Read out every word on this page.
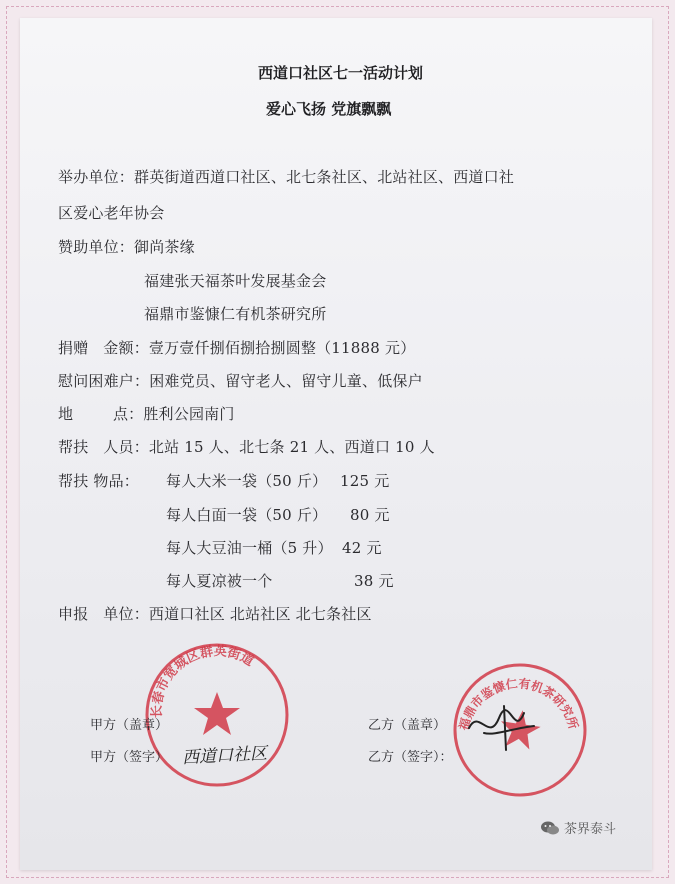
西道口社区七一活动计划
爱心飞扬 党旗飘飘
举办单位：群英街道西道口社区、北七条社区、北站社区、西道口社
区爱心老年协会
赞助单位：御尚茶缘
福建张天福茶叶发展基金会
福鼎市鉴慷仁有机茶研究所
捐赠   金额：壹万壹仟捌佰捌拾捌圆整（11888 元）
慰问困难户：困难党员、留守老人、留守儿童、低保户
地        点：胜利公园南门
帮扶   人员：北站 15 人、北七条 21 人、西道口 10 人
帮扶 物品： 每人大米一袋（50 斤） 125 元
每人白面一袋（50 斤） 80 元
每人大豆油一桶（5 升） 42 元
每人夏凉被一个	38 元
申报   单位：西道口社区 北站社区 北七条社区
长春市宽城区群英街道
福鼎市鉴慷仁有机茶研究所
甲方（盖章）
甲方（签字） 西道口社区
乙方（盖章）
乙方（签字）：
茶界泰斗
